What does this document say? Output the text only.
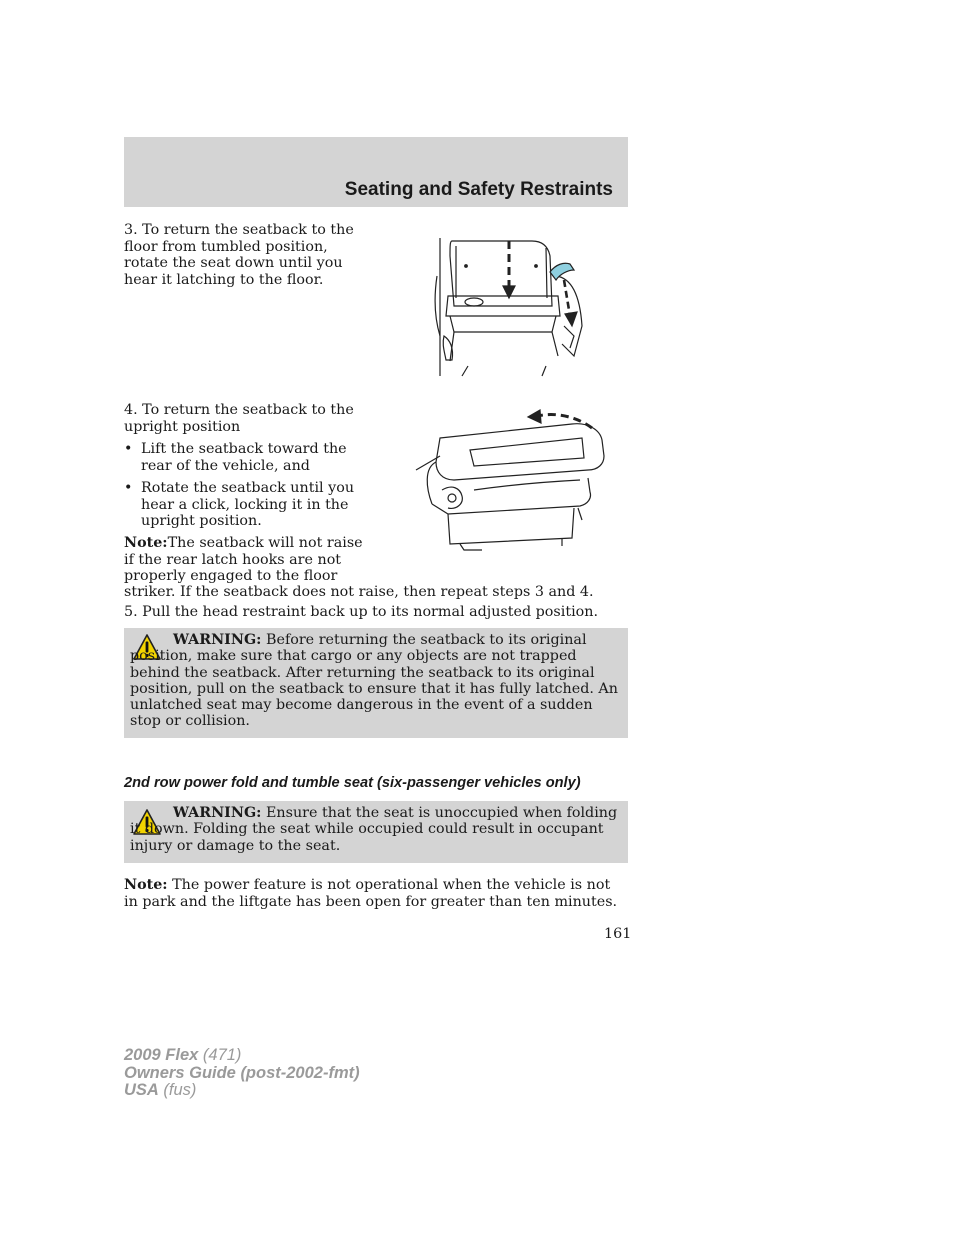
Seating and Safety Restraints
3. To return the seatback to the floor from tumbled position, rotate the seat down until you hear it latching to the floor.
4. To return the seatback to the upright position
• Lift the seatback toward the rear of the vehicle, and
• Rotate the seatback until you hear a click, locking it in the upright position.
Note:The seatback will not raise if the rear latch hooks are not properly engaged to the floor
striker. If the seatback does not raise, then repeat steps 3 and 4.
5. Pull the head restraint back up to its normal adjusted position.
WARNING: Before returning the seatback to its original position, make sure that cargo or any objects are not trapped behind the seatback. After returning the seatback to its original position, pull on the seatback to ensure that it has fully latched. An unlatched seat may become dangerous in the event of a sudden stop or collision.
2nd row power fold and tumble seat (six-passenger vehicles only)
WARNING: Ensure that the seat is unoccupied when folding it down. Folding the seat while occupied could result in occupant injury or damage to the seat.
Note: The power feature is not operational when the vehicle is not in park and the liftgate has been open for greater than ten minutes.
161
2009 Flex (471)
Owners Guide (post-2002-fmt)
USA (fus)
